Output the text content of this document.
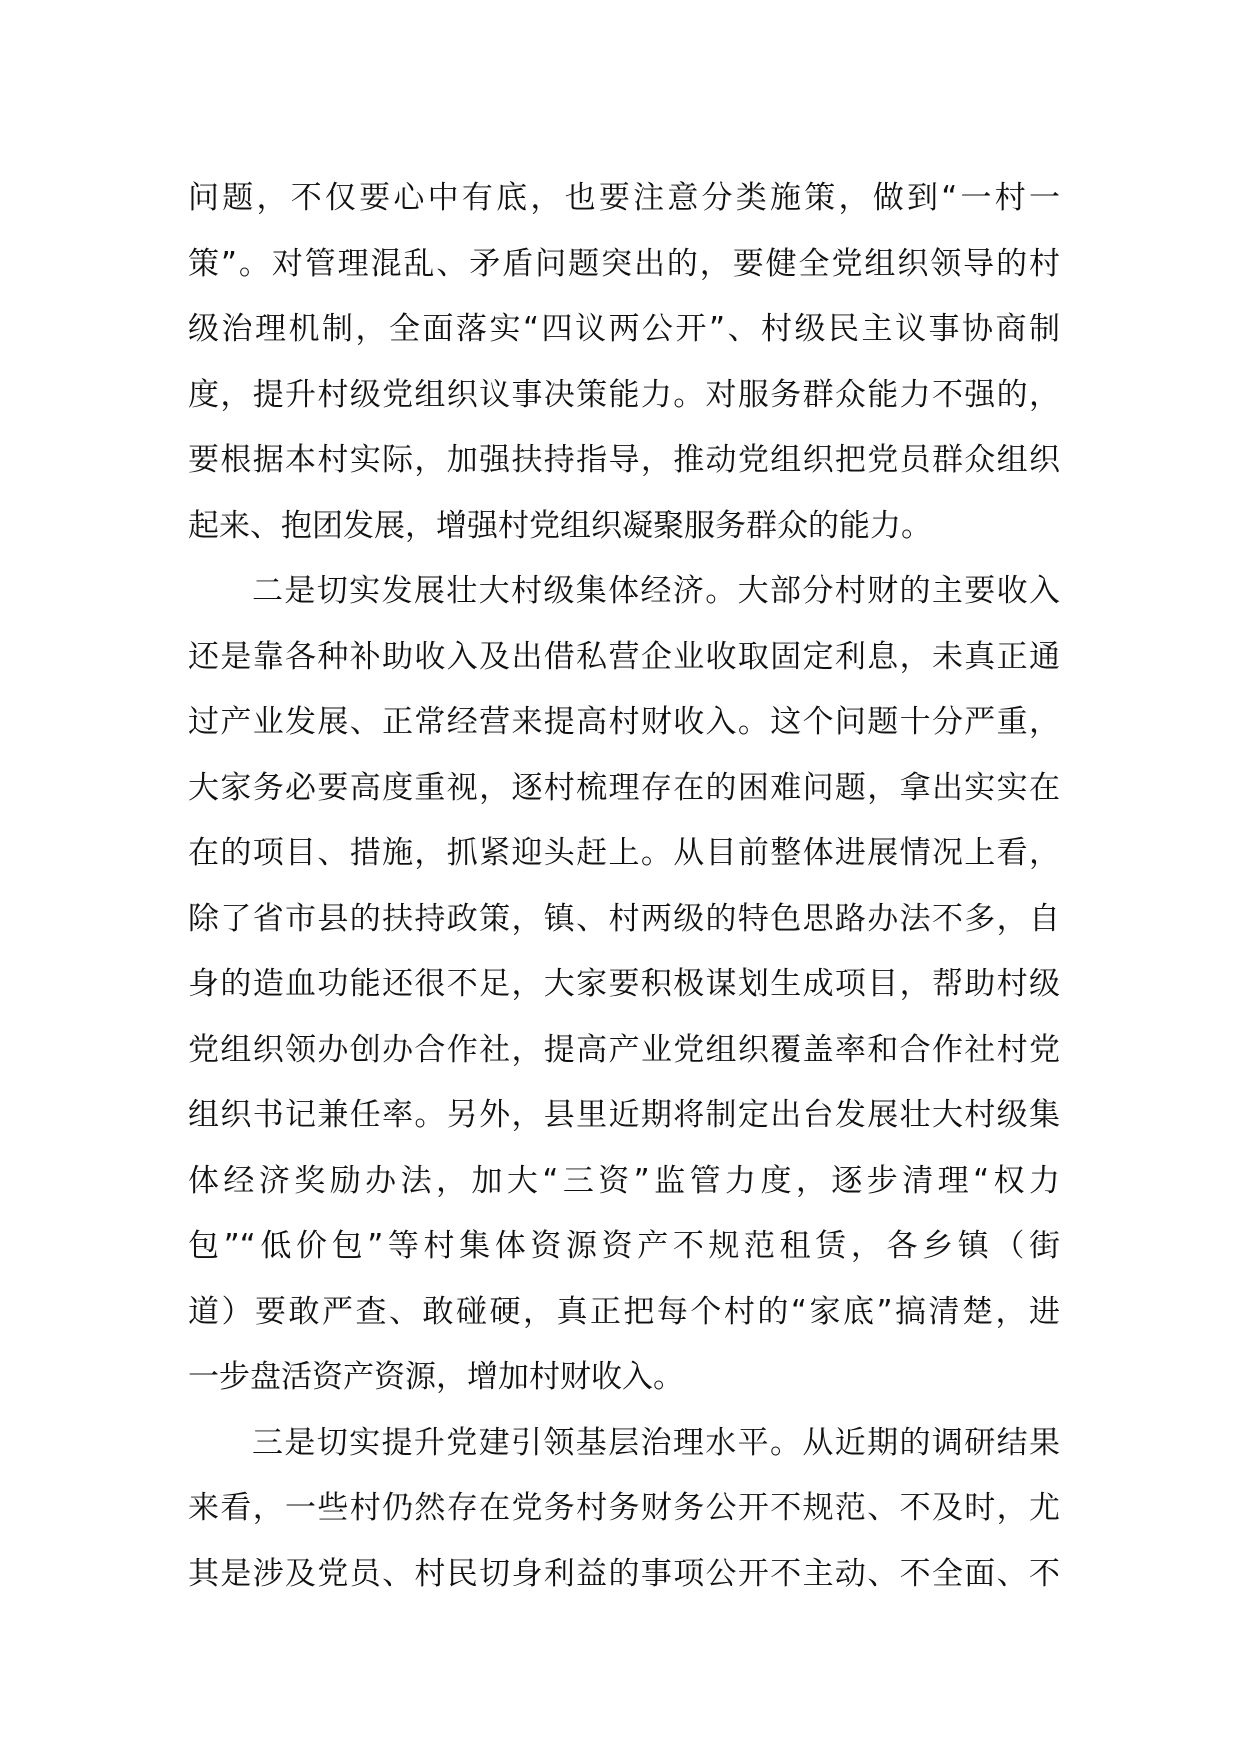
问题，不仅要心中有底，也要注意分类施策，做到“一村一
策”。对管理混乱、矛盾问题突出的，要健全党组织领导的村
级治理机制，全面落实“四议两公开”、村级民主议事协商制
度，提升村级党组织议事决策能力。对服务群众能力不强的，
要根据本村实际，加强扶持指导，推动党组织把党员群众组织
起来、抱团发展，增强村党组织凝聚服务群众的能力。
二是切实发展壮大村级集体经济。大部分村财的主要收入
还是靠各种补助收入及出借私营企业收取固定利息，未真正通
过产业发展、正常经营来提高村财收入。这个问题十分严重，
大家务必要高度重视，逐村梳理存在的困难问题，拿出实实在
在的项目、措施，抓紧迎头赶上。从目前整体进展情况上看，
除了省市县的扶持政策，镇、村两级的特色思路办法不多，自
身的造血功能还很不足，大家要积极谋划生成项目，帮助村级
党组织领办创办合作社，提高产业党组织覆盖率和合作社村党
组织书记兼任率。另外，县里近期将制定出台发展壮大村级集
体经济奖励办法，加大“三资”监管力度，逐步清理“权力
包”“低价包”等村集体资源资产不规范租赁，各乡镇（街
道）要敢严查、敢碰硬，真正把每个村的“家底”搞清楚，进
一步盘活资产资源，增加村财收入。
三是切实提升党建引领基层治理水平。从近期的调研结果
来看，一些村仍然存在党务村务财务公开不规范、不及时，尤
其是涉及党员、村民切身利益的事项公开不主动、不全面、不
